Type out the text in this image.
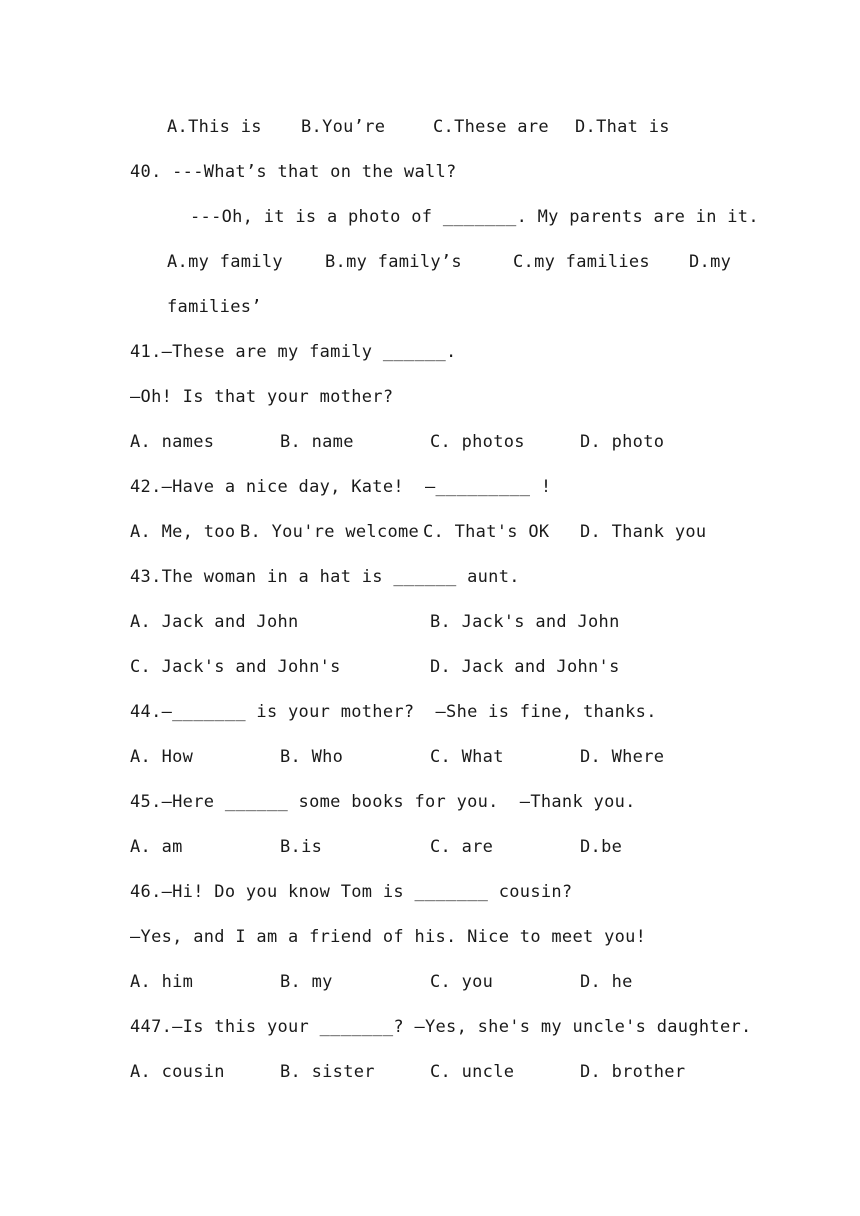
A.This is B.You’re	C.These are D.That is
40. ---What’s that on the wall?
---Oh, it is a photo of _______. My parents are in it.
A.my family B.my family’s	C.my families D.my
families’
41.—These are my family ______.
—Oh! Is that your mother?
A. names	B. name	C. photos	D. photo
42.—Have a nice day, Kate!  —_________ !
A. Me, too B. You're welcome C. That's OK D. Thank you
43.The woman in a hat is ______ aunt.
A. Jack and John	B. Jack's and John
C. Jack's and John's	D. Jack and John's
44.—_______ is your mother?  —She is fine, thanks.
A. How	B. Who	C. What	D. Where
45.—Here ______ some books for you.  —Thank you.
A. am	B.is	C. are	D.be
46.—Hi! Do you know Tom is _______ cousin?
—Yes, and I am a friend of his. Nice to meet you!
A. him	B. my	C. you	D. he
447.—Is this your _______? —Yes, she's my uncle's daughter.
A. cousin	B. sister	C. uncle	D. brother
